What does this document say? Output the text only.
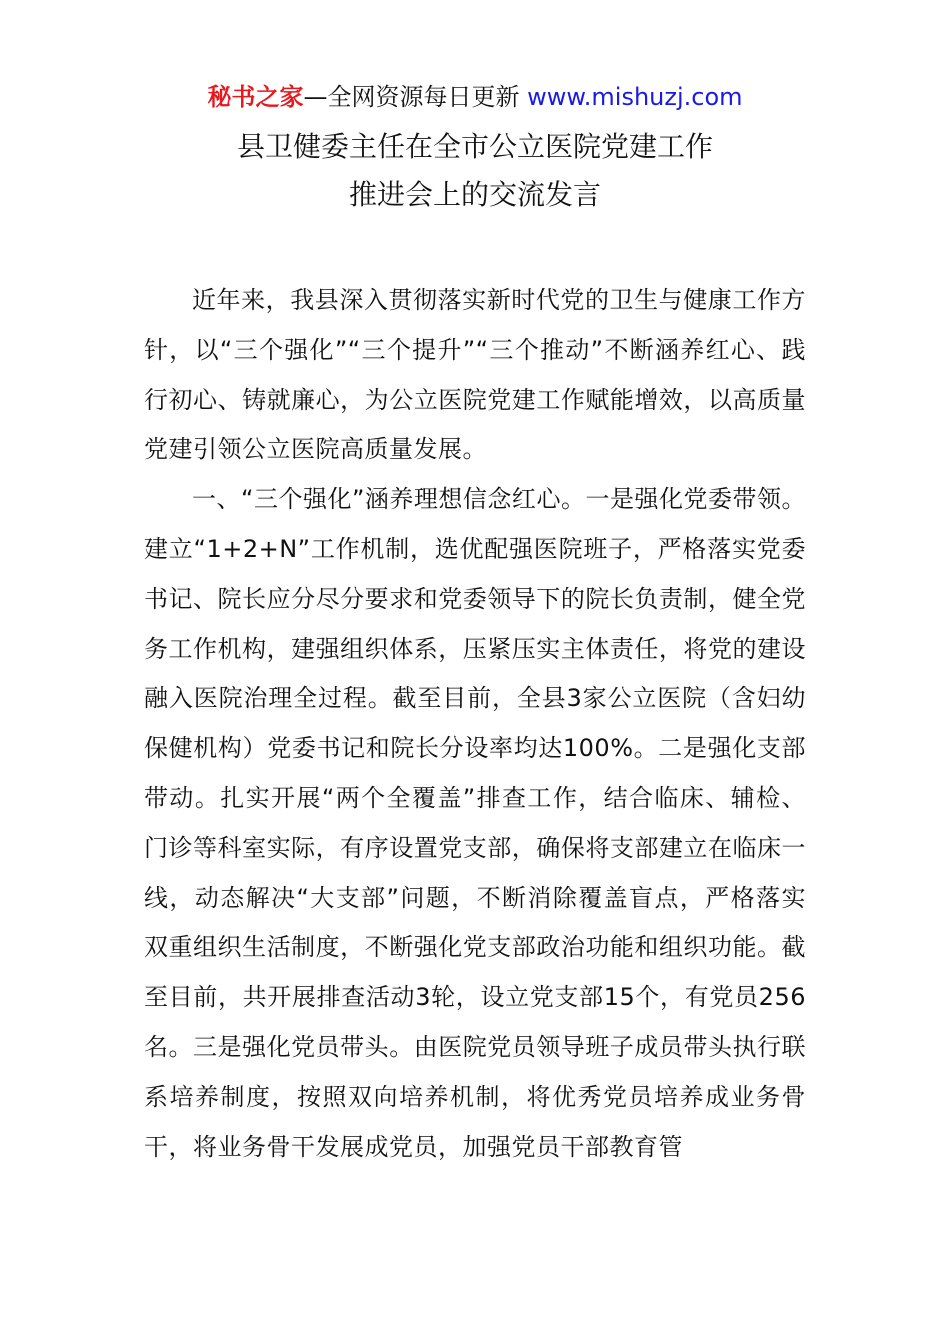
秘书之家—全网资源每日更新 www.mishuzj.com
县卫健委主任在全市公立医院党建工作
推进会上的交流发言

近年来，我县深入贯彻落实新时代党的卫生与健康工作方针，以“三个强化”“三个提升”“三个推动”不断涵养红心、践行初心、铸就廉心，为公立医院党建工作赋能增效，以高质量党建引领公立医院高质量发展。

一、“三个强化”涵养理想信念红心。一是强化党委带领。建立“1+2+N”工作机制，选优配强医院班子，严格落实党委书记、院长应分尽分要求和党委领导下的院长负责制，健全党务工作机构，建强组织体系，压紧压实主体责任，将党的建设融入医院治理全过程。截至目前，全县3家公立医院（含妇幼保健机构）党委书记和院长分设率均达100%。二是强化支部带动。扎实开展“两个全覆盖”排查工作，结合临床、辅检、门诊等科室实际，有序设置党支部，确保将支部建立在临床一线，动态解决“大支部”问题，不断消除覆盖盲点，严格落实双重组织生活制度，不断强化党支部政治功能和组织功能。截至目前，共开展排查活动3轮，设立党支部15个，有党员256名。三是强化党员带头。由医院党员领导班子成员带头执行联系培养制度，按照双向培养机制，将优秀党员培养成业务骨干，将业务骨干发展成党员，加强党员干部教育管
